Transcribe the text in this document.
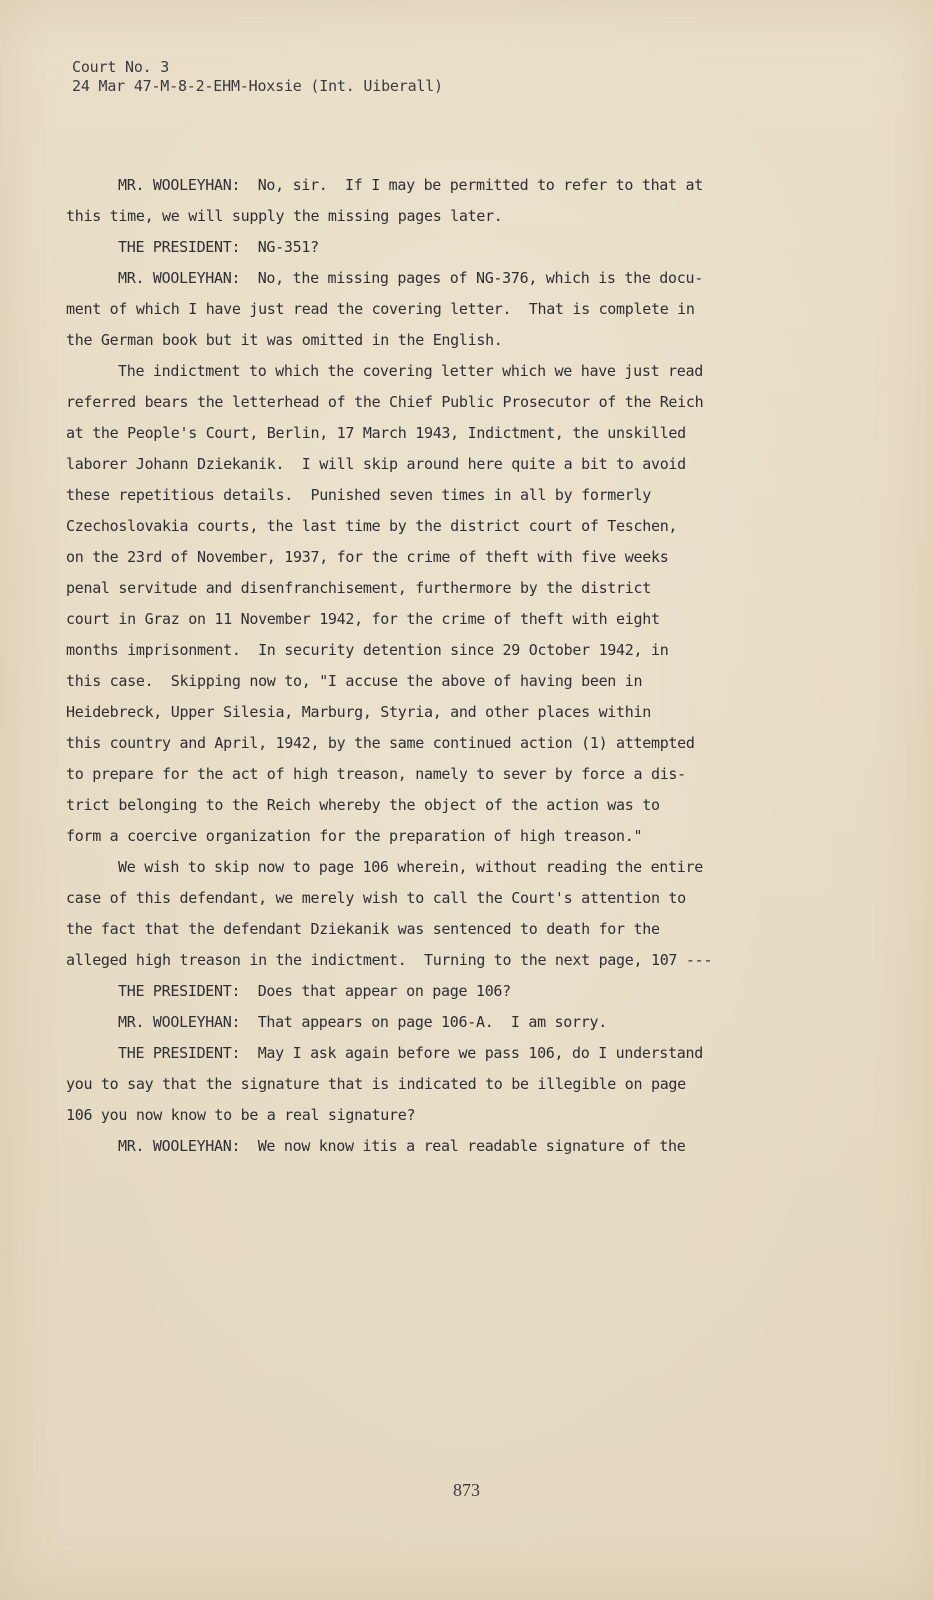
Court No. 3
24 Mar 47-M-8-2-EHM-Hoxsie (Int. Uiberall)
MR. WOOLEYHAN:  No, sir.  If I may be permitted to refer to that at
this time, we will supply the missing pages later.
THE PRESIDENT:  NG-351?
MR. WOOLEYHAN:  No, the missing pages of NG-376, which is the docu-
ment of which I have just read the covering letter.  That is complete in
the German book but it was omitted in the English.
The indictment to which the covering letter which we have just read
referred bears the letterhead of the Chief Public Prosecutor of the Reich
at the People's Court, Berlin, 17 March 1943, Indictment, the unskilled
laborer Johann Dziekanik.  I will skip around here quite a bit to avoid
these repetitious details.  Punished seven times in all by formerly
Czechoslovakia courts, the last time by the district court of Teschen,
on the 23rd of November, 1937, for the crime of theft with five weeks
penal servitude and disenfranchisement, furthermore by the district
court in Graz on 11 November 1942, for the crime of theft with eight
months imprisonment.  In security detention since 29 October 1942, in
this case.  Skipping now to, "I accuse the above of having been in
Heidebreck, Upper Silesia, Marburg, Styria, and other places within
this country and April, 1942, by the same continued action (1) attempted
to prepare for the act of high treason, namely to sever by force a dis-
trict belonging to the Reich whereby the object of the action was to
form a coercive organization for the preparation of high treason."
We wish to skip now to page 106 wherein, without reading the entire
case of this defendant, we merely wish to call the Court's attention to
the fact that the defendant Dziekanik was sentenced to death for the
alleged high treason in the indictment.  Turning to the next page, 107 ---
THE PRESIDENT:  Does that appear on page 106?
MR. WOOLEYHAN:  That appears on page 106-A.  I am sorry.
THE PRESIDENT:  May I ask again before we pass 106, do I understand
you to say that the signature that is indicated to be illegible on page
106 you now know to be a real signature?
MR. WOOLEYHAN:  We now know itis a real readable signature of the
873
